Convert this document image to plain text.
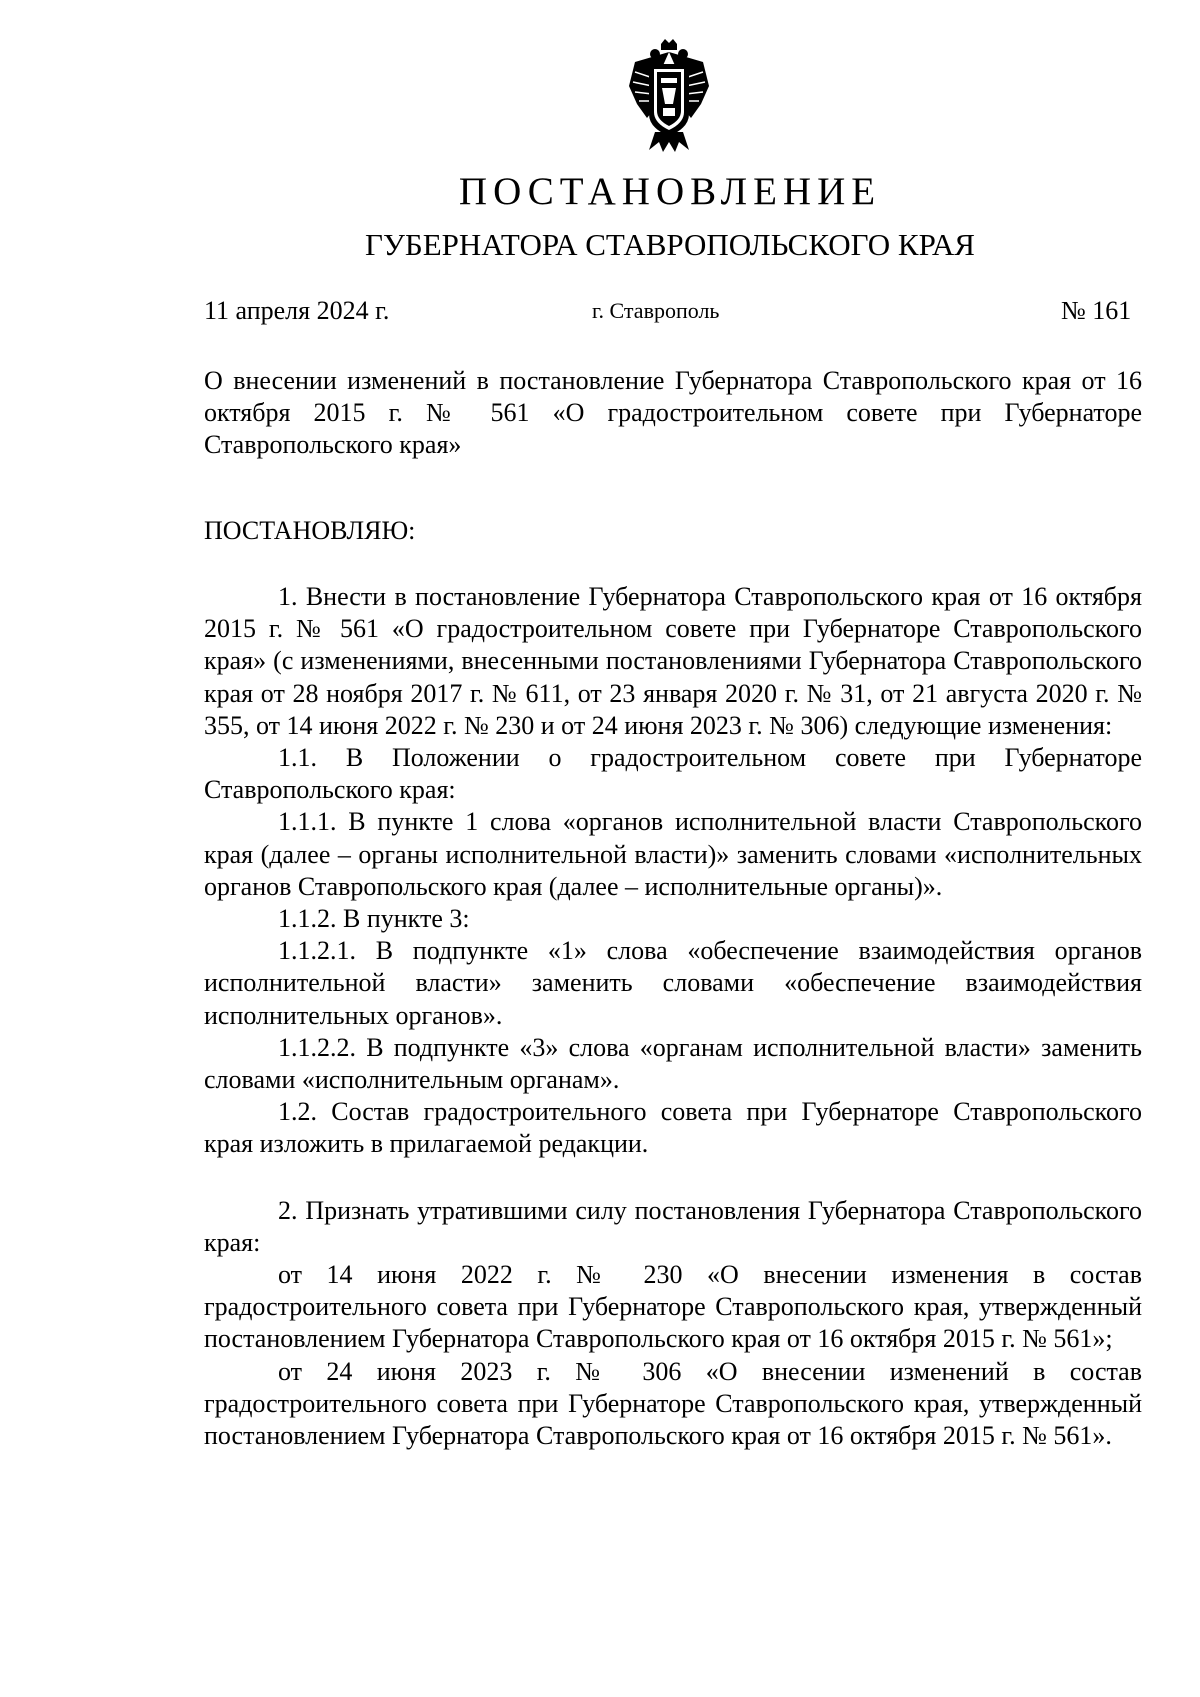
ПОСТАНОВЛЕНИЕ
ГУБЕРНАТОРА СТАВРОПОЛЬСКОГО КРАЯ
11 апреля 2024 г.	г. Ставрополь	№ 161
О внесении изменений в постановление Губернатора Ставропольского края от 16 октября 2015 г. № 561 «О градостроительном совете при Губернаторе Ставропольского края»
ПОСТАНОВЛЯЮ:

1. Внести в постановление Губернатора Ставропольского края от 16 октября 2015 г. № 561 «О градостроительном совете при Губернаторе Ставропольского края» (с изменениями, внесенными постановлениями Губернатора Ставропольского края от 28 ноября 2017 г. № 611, от 23 января 2020 г. № 31, от 21 августа 2020 г. № 355, от 14 июня 2022 г. № 230 и от 24 июня 2023 г. № 306) следующие изменения:

1.1. В Положении о градостроительном совете при Губернаторе Ставропольского края:

1.1.1. В пункте 1 слова «органов исполнительной власти Ставропольского края (далее – органы исполнительной власти)» заменить словами «исполнительных органов Ставропольского края (далее – исполнительные органы)».

1.1.2. В пункте 3:

1.1.2.1. В подпункте «1» слова «обеспечение взаимодействия органов исполнительной власти» заменить словами «обеспечение взаимодействия исполнительных органов».

1.1.2.2. В подпункте «3» слова «органам исполнительной власти» заменить словами «исполнительным органам».

1.2. Состав градостроительного совета при Губернаторе Ставропольского края изложить в прилагаемой редакции.

2. Признать утратившими силу постановления Губернатора Ставропольского края:

от 14 июня 2022 г. № 230 «О внесении изменения в состав градостроительного совета при Губернаторе Ставропольского края, утвержденный постановлением Губернатора Ставропольского края от 16 октября 2015 г. № 561»;

от 24 июня 2023 г. № 306 «О внесении изменений в состав градостроительного совета при Губернаторе Ставропольского края, утвержденный постановлением Губернатора Ставропольского края от 16 октября 2015 г. № 561».
